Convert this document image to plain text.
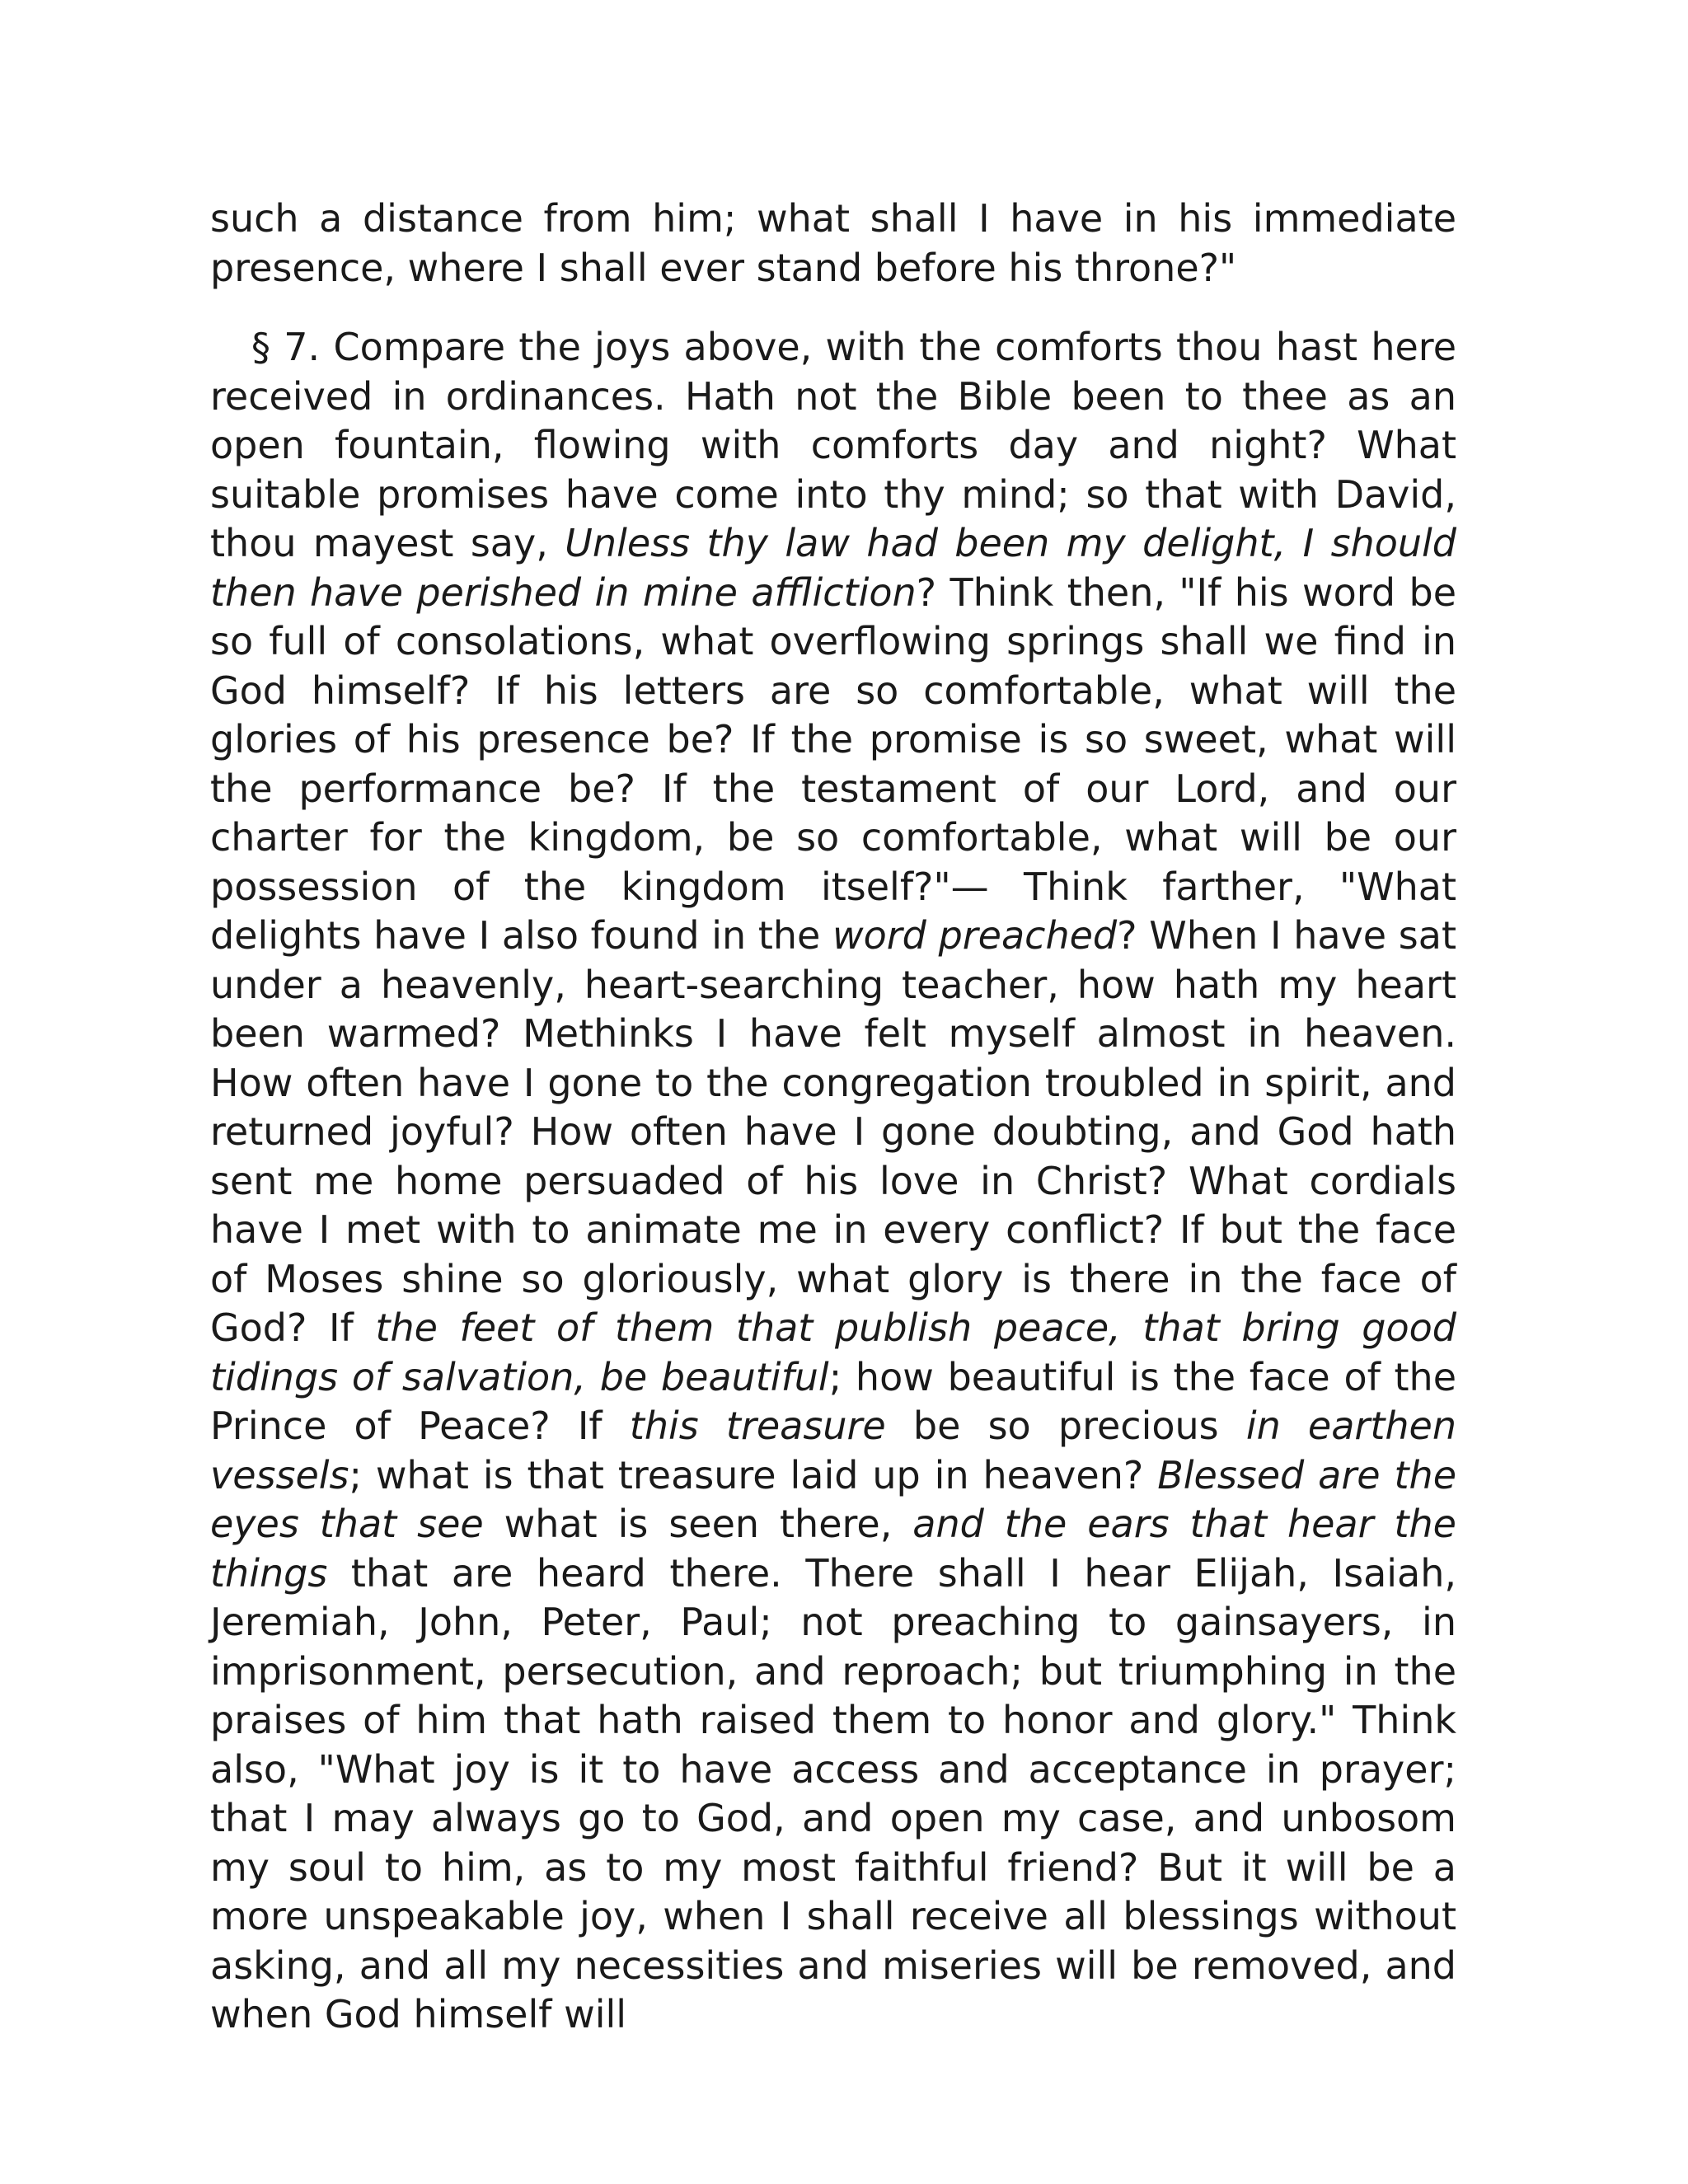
such a distance from him; what shall I have in his immediate presence, where I shall ever stand before his throne?"

§ 7. Compare the joys above, with the comforts thou hast here received in ordinances. Hath not the Bible been to thee as an open fountain, flowing with comforts day and night? What suitable promises have come into thy mind; so that with David, thou mayest say, Unless thy law had been my delight, I should then have perished in mine affliction? Think then, "If his word be so full of consolations, what overflowing springs shall we find in God himself? If his letters are so comfortable, what will the glories of his presence be? If the promise is so sweet, what will the performance be? If the testament of our Lord, and our charter for the kingdom, be so comfortable, what will be our possession of the kingdom itself?"— Think farther, "What delights have I also found in the word preached? When I have sat under a heavenly, heart-searching teacher, how hath my heart been warmed? Methinks I have felt myself almost in heaven. How often have I gone to the congregation troubled in spirit, and returned joyful? How often have I gone doubting, and God hath sent me home persuaded of his love in Christ? What cordials have I met with to animate me in every conflict? If but the face of Moses shine so gloriously, what glory is there in the face of God? If the feet of them that publish peace, that bring good tidings of salvation, be beautiful; how beautiful is the face of the Prince of Peace? If this treasure be so precious in earthen vessels; what is that treasure laid up in heaven? Blessed are the eyes that see what is seen there, and the ears that hear the things that are heard there. There shall I hear Elijah, Isaiah, Jeremiah, John, Peter, Paul; not preaching to gainsayers, in imprisonment, persecution, and reproach; but triumphing in the praises of him that hath raised them to honor and glory." Think also, "What joy is it to have access and acceptance in prayer; that I may always go to God, and open my case, and unbosom my soul to him, as to my most faithful friend? But it will be a more unspeakable joy, when I shall receive all blessings without asking, and all my necessities and miseries will be removed, and when God himself will
